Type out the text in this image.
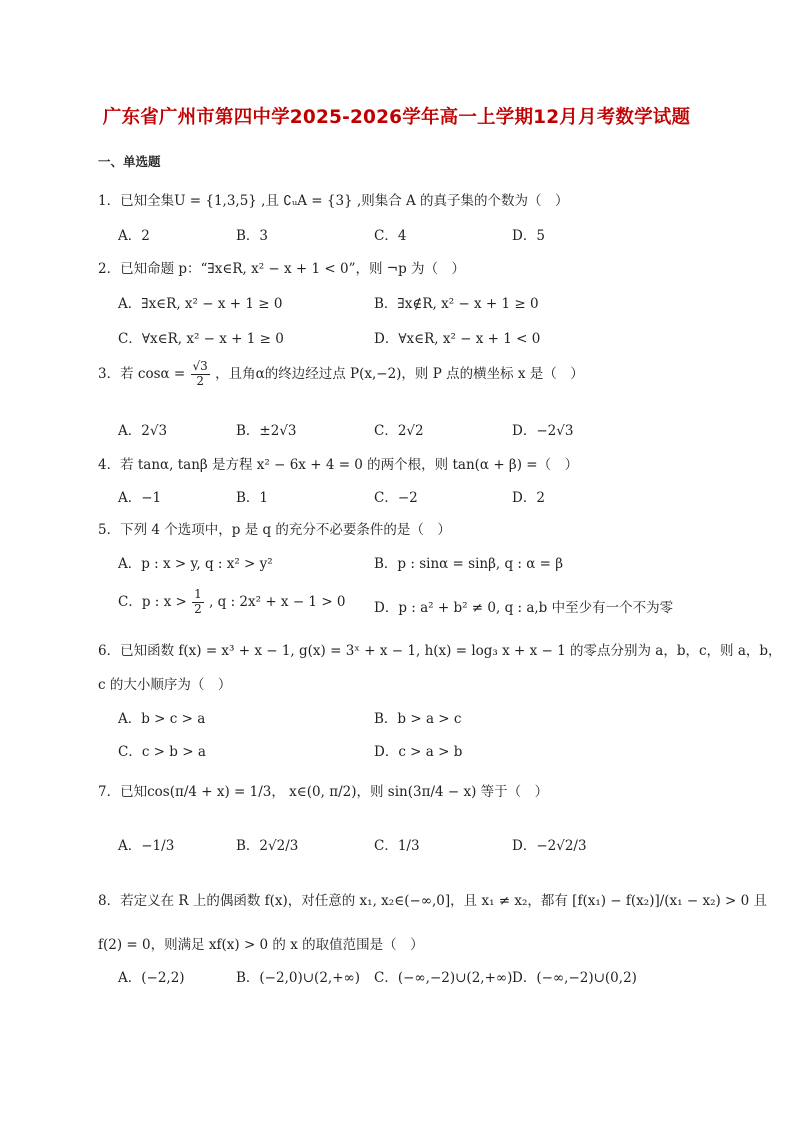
广东省广州市第四中学2025-2026学年高一上学期12月月考数学试题
一、单选题
1．已知全集U = {1,3,5} ,且 ∁ᵤA = {3} ,则集合 A 的真子集的个数为（　）
A．2	B．3	C．4	D．5
2．已知命题 p：“∃x∈R, x² − x + 1 < 0”，则 ¬p 为（　）
A．∃x∈R, x² − x + 1 ≥ 0	B．∃x∉R, x² − x + 1 ≥ 0
C．∀x∈R, x² − x + 1 ≥ 0	D．∀x∈R, x² − x + 1 < 0
3．若 $\cos\alpha = \frac{√3}{2}$ ，且角α的终边经过点 P(x,−2)，则 P 点的横坐标 x 是（　）
A．2√3	B．±2√3	C．2√2	D．−2√3
4．若 tanα, tanβ 是方程 x² − 6x + 4 = 0 的两个根，则 tan(α + β) =（　）
A．−1	B．1	C．−2	D．2
5．下列 4 个选项中，p 是 q 的充分不必要条件的是（　）
A．p : x > y, q : x² > y²	B．p : sinα = sinβ, q : α = β
C．p : $x > \frac{1}{2}$ , q : 2x² + x − 1 > 0 D．p : a² + b² ≠ 0, q : a,b 中至少有一个不为零
6．已知函数 f(x) = x³ + x − 1, g(x) = 3ˣ + x − 1, h(x) = log₃ x + x − 1 的零点分别为 a，b，c，则 a，b，
c 的大小顺序为（　）
A．b > c > a	B．b > a > c
C．c > b > a	D．c > a > b
7．已知cos(π/4 + x) = 1/3， x∈(0, π/2)，则 sin(3π/4 − x) 等于（　）
A．−1/3	B．2√2/3	C．1/3	D．−2√2/3
8．若定义在 R 上的偶函数 f(x)，对任意的 x₁, x₂∈(−∞,0]，且 x₁ ≠ x₂，都有 [f(x₁) − f(x₂)]/(x₁ − x₂) > 0 且
f(2) = 0，则满足 xf(x) > 0 的 x 的取值范围是（　）
A．(−2,2)	B．(−2,0)∪(2,+∞) C．(−∞,−2)∪(2,+∞) D．(−∞,−2)∪(0,2)
